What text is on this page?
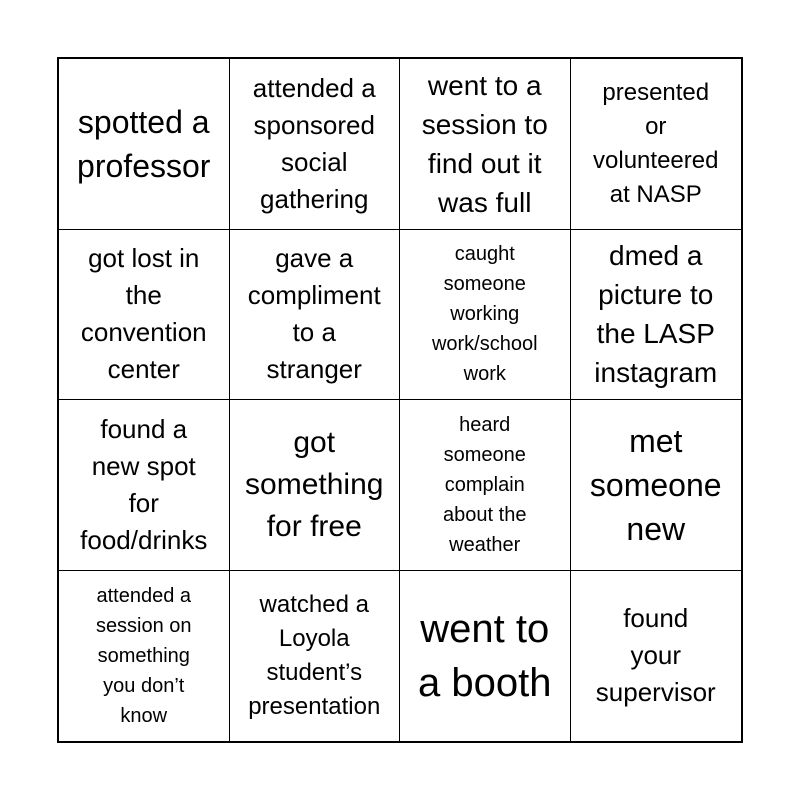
spotted a
professor
attended a
sponsored
social
gathering
went to a
session to
find out it
was full
presented
or
volunteered
at NASP
got lost in
the
convention
center
gave a
compliment
to a
stranger
caught
someone
working
work/school
work
dmed a
picture to
the LASP
instagram
found a
new spot
for
food/drinks
got
something
for free
heard
someone
complain
about the
weather
met
someone
new
attended a
session on
something
you don’t
know
watched a
Loyola
student’s
presentation
went to
a booth
found
your
supervisor
